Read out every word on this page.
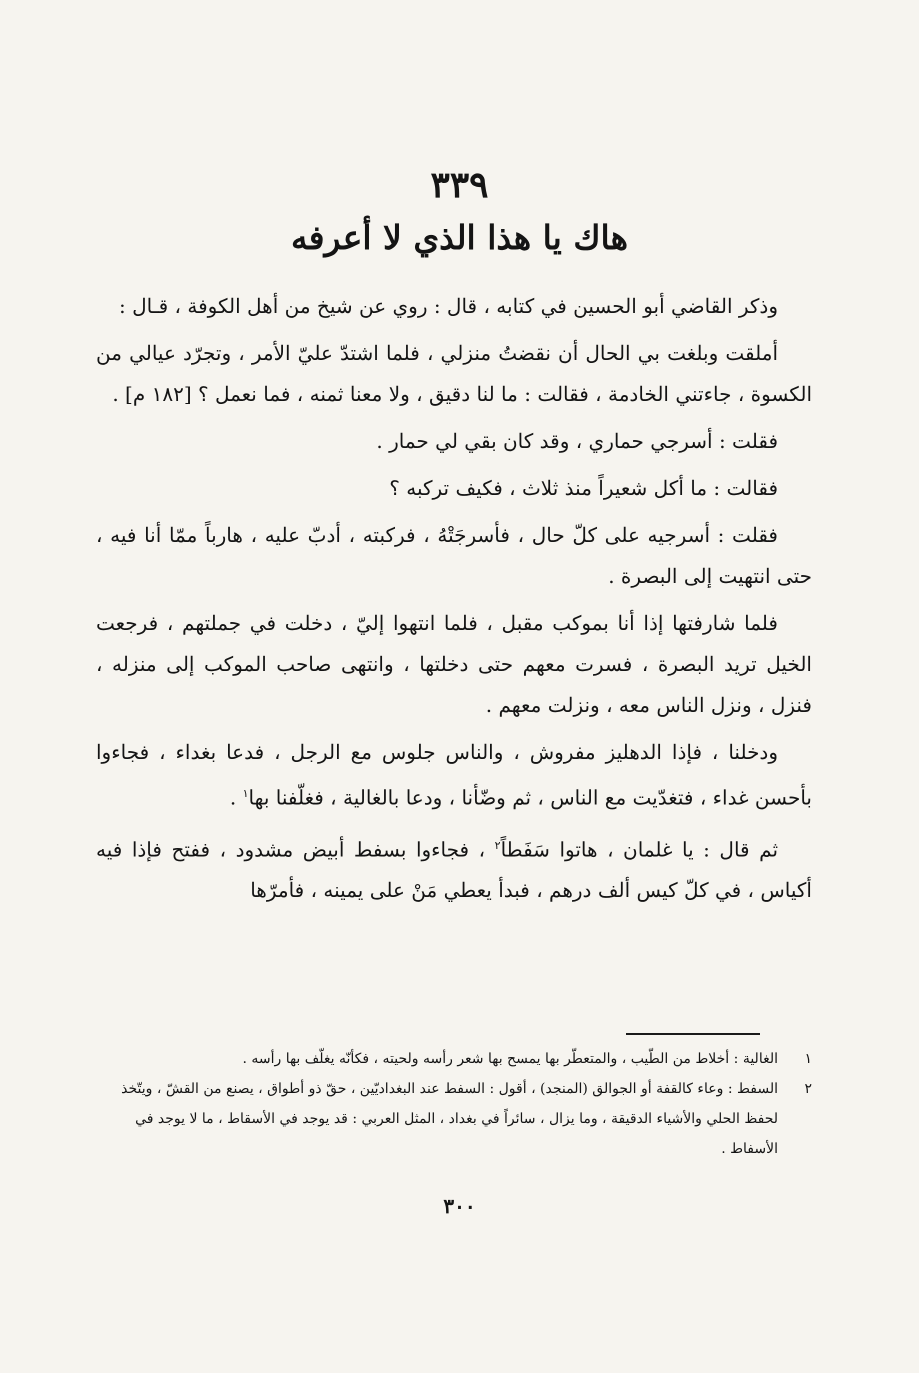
٣٣٩
هاك يا هذا الذي لا أعرفه

وذكر القاضي أبو الحسين في كتابه ، قال : روي عن شيخ من أهل الكوفة ، قـال :

أملقت وبلغت بي الحال أن نقضتُ منزلي ، فلما اشتدّ عليّ الأمر ، وتجرّد عيالي من الكسوة ، جاءتني الخادمة ، فقالت : ما لنا دقيق ، ولا معنا ثمنه ، فما نعمل ؟ [١٨٢ م] .

فقلت : أسرجي حماري ، وقد كان بقي لي حمار .

فقالت : ما أكل شعيراً منذ ثلاث ، فكيف تركبه ؟

فقلت : أسرجيه على كلّ حال ، فأسرجَتْهُ ، فركبته ، أدبّ عليه ، هارباً ممّا أنا فيه ، حتى انتهيت إلى البصرة .

فلما شارفتها إذا أنا بموكب مقبل ، فلما انتهوا إليّ ، دخلت في جملتهم ، فرجعت الخيل تريد البصرة ، فسرت معهم حتى دخلتها ، وانتهى صاحب الموكب إلى منزله ، فنزل ، ونزل الناس معه ، ونزلت معهم .

ودخلنا ، فإذا الدهليز مفروش ، والناس جلوس مع الرجل ، فدعا بغداء ، فجاءوا بأحسن غداء ، فتغدّيت مع الناس ، ثم وضّأنا ، ودعا بالغالية ، فغلّفنا بها$^١$ .

ثم قال : يا غلمان ، هاتوا سَفَطاً$^٢$ ، فجاءوا بسفط أبيض مشدود ، ففتح فإذا فيه أكياس ، في كلّ كيس ألف درهم ، فبدأ يعطي مَنْ على يمينه ، فأمرّها

١
الغالية : أخلاط من الطّيب ، والمتعطّر بها يمسح بها شعر رأسه ولحيته ، فكأنّه يغلّف بها رأسه .
٢
السفط : وعاء كالقفة أو الجوالق (المنجد) ، أقول : السفط عند البغداديّين ، حقّ ذو أطواق ، يصنع من القشّ ، ويتّخذ لحفظ الحلي والأشياء الدقيقة ، وما يزال ، سائراً في بغداد ، المثل العربي : قد يوجد في الأسقاط ، ما لا يوجد في الأسفاط .
٣٠٠
